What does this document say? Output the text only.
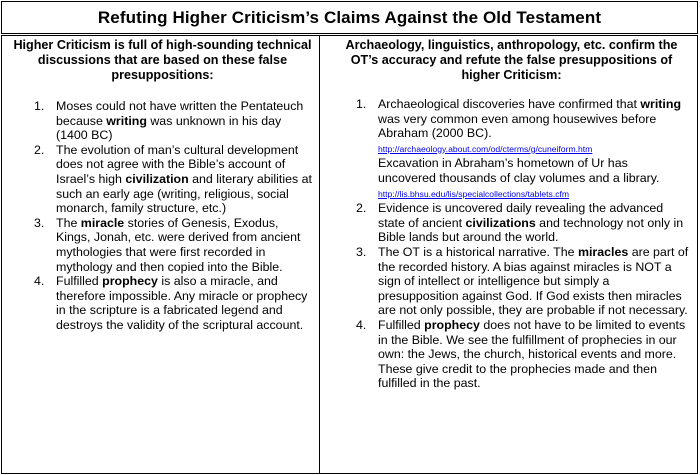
Refuting Higher Criticism’s Claims Against the Old Testament
Higher Criticism is full of high-sounding technical discussions that are based on these false presuppositions:
1. Moses could not have written the Pentateuch because writing was unknown in his day (1400 BC)
2. The evolution of man’s cultural development does not agree with the Bible’s account of Israel’s high civilization and literary abilities at such an early age (writing, religious, social monarch, family structure, etc.)
3. The miracle stories of Genesis, Exodus, Kings, Jonah, etc. were derived from ancient mythologies that were first recorded in mythology and then copied into the Bible.
4. Fulfilled prophecy is also a miracle, and therefore impossible. Any miracle or prophecy in the scripture is a fabricated legend and destroys the validity of the scriptural account.
Archaeology, linguistics, anthropology, etc. confirm the OT’s accuracy and refute the false presuppositions of higher Criticism:
1. Archaeological discoveries have confirmed that writing was very common even among housewives before Abraham (2000 BC). http://archaeology.about.com/od/cterms/g/cuneiform.htm
Excavation in Abraham’s hometown of Ur has uncovered thousands of clay volumes and a library. http://lis.bhsu.edu/lis/specialcollections/tablets.cfm
2. Evidence is uncovered daily revealing the advanced state of ancient civilizations and technology not only in Bible lands but around the world.
3. The OT is a historical narrative. The miracles are part of the recorded history. A bias against miracles is NOT a sign of intellect or intelligence but simply a presupposition against God. If God exists then miracles are not only possible, they are probable if not necessary.
4. Fulfilled prophecy does not have to be limited to events in the Bible. We see the fulfillment of prophecies in our own: the Jews, the church, historical events and more. These give credit to the prophecies made and then fulfilled in the past.
